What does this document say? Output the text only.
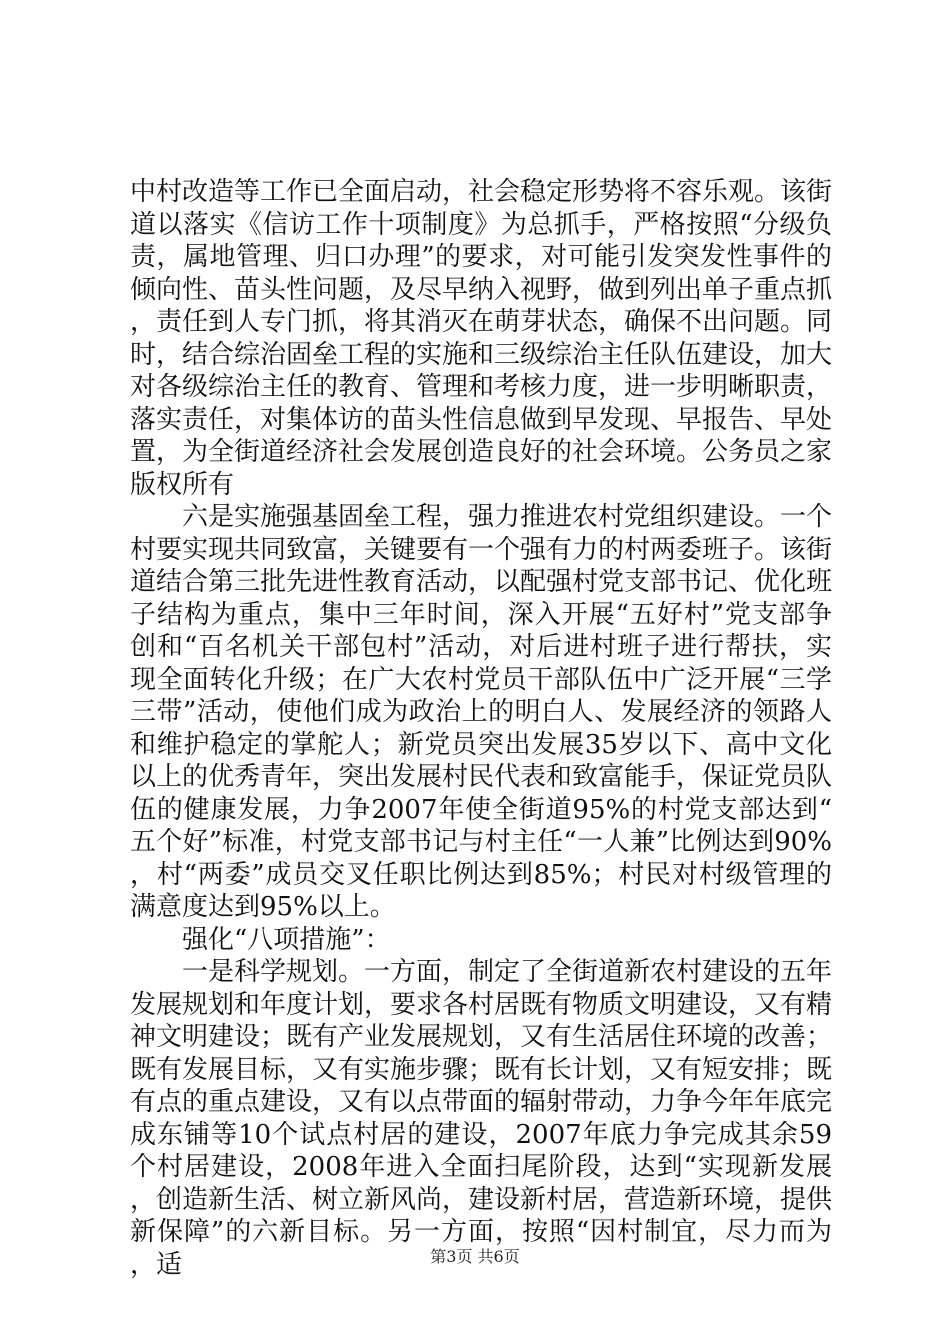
中村改造等工作已全面启动，社会稳定形势将不容乐观。该街道以落实《信访工作十项制度》为总抓手，严格按照“分级负责，属地管理、归口办理”的要求，对可能引发突发性事件的倾向性、苗头性问题，及尽早纳入视野，做到列出单子重点抓，责任到人专门抓，将其消灭在萌芽状态，确保不出问题。同时，结合综治固垒工程的实施和三级综治主任队伍建设，加大对各级综治主任的教育、管理和考核力度，进一步明晰职责，落实责任，对集体访的苗头性信息做到早发现、早报告、早处置，为全街道经济社会发展创造良好的社会环境。公务员之家版权所有

六是实施强基固垒工程，强力推进农村党组织建设。一个村要实现共同致富，关键要有一个强有力的村两委班子。该街道结合第三批先进性教育活动，以配强村党支部书记、优化班子结构为重点，集中三年时间，深入开展“五好村”党支部争创和“百名机关干部包村”活动，对后进村班子进行帮扶，实现全面转化升级；在广大农村党员干部队伍中广泛开展“三学三带”活动，使他们成为政治上的明白人、发展经济的领路人和维护稳定的掌舵人；新党员突出发展35岁以下、高中文化以上的优秀青年，突出发展村民代表和致富能手，保证党员队伍的健康发展，力争2007年使全街道95%的村党支部达到“五个好”标准，村党支部书记与村主任“一人兼”比例达到90%，村“两委”成员交叉任职比例达到85%；村民对村级管理的满意度达到95%以上。

强化“八项措施”：

一是科学规划。一方面，制定了全街道新农村建设的五年发展规划和年度计划，要求各村居既有物质文明建设，又有精神文明建设；既有产业发展规划，又有生活居住环境的改善；既有发展目标，又有实施步骤；既有长计划，又有短安排；既有点的重点建设，又有以点带面的辐射带动，力争今年年底完成东铺等10个试点村居的建设，2007年底力争完成其余59个村居建设，2008年进入全面扫尾阶段，达到“实现新发展，创造新生活、树立新风尚，建设新村居，营造新环境，提供新保障”的六新目标。另一方面，按照“因村制宜，尽力而为，适	第3页 共6页
